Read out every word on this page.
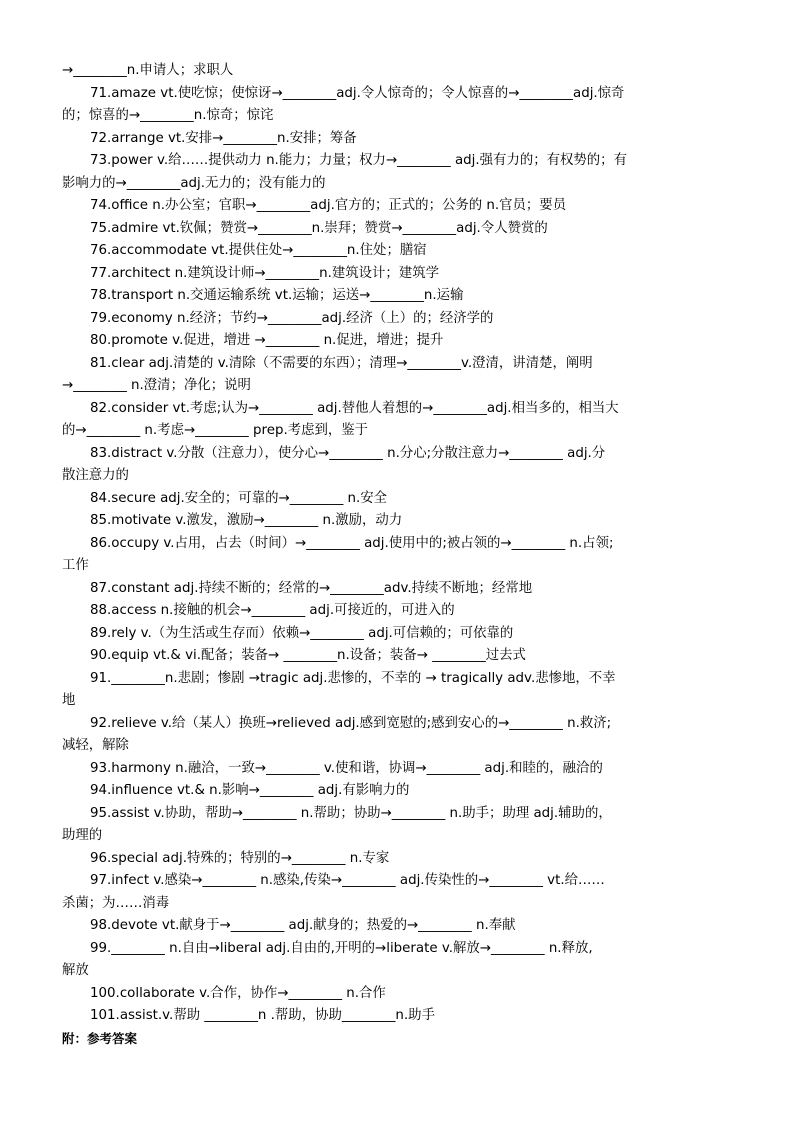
→________n.申请人；求职人
71.amaze vt.使吃惊；使惊讶→________adj.令人惊奇的；令人惊喜的→________adj.惊奇
的；惊喜的→________n.惊奇；惊诧
72.arrange vt.安排→________n.安排；筹备
73.power v.给……提供动力 n.能力；力量；权力→________ adj.强有力的；有权势的；有
影响力的→________adj.无力的；没有能力的
74.office n.办公室；官职→________adj.官方的；正式的；公务的 n.官员；要员
75.admire vt.钦佩；赞赏→________n.崇拜；赞赏→________adj.令人赞赏的
76.accommodate vt.提供住处→________n.住处；膳宿
77.architect n.建筑设计师→________n.建筑设计；建筑学
78.transport n.交通运输系统 vt.运输；运送→________n.运输
79.economy n.经济；节约→________adj.经济（上）的；经济学的
80.promote v.促进，增进 →________ n.促进，增进；提升
81.clear adj.清楚的 v.清除（不需要的东西）；清理→________v.澄清，讲清楚，阐明
→________ n.澄清；净化；说明
82.consider vt.考虑;认为→________ adj.替他人着想的→________adj.相当多的，相当大
的→________ n.考虑→________ prep.考虑到，鉴于
83.distract v.分散（注意力），使分心→________ n.分心;分散注意力→________ adj.分
散注意力的
84.secure adj.安全的；可靠的→________ n.安全
85.motivate v.激发，激励→________ n.激励，动力
86.occupy v.占用，占去（时间）→________ adj.使用中的;被占领的→________ n.占领;
工作
87.constant adj.持续不断的；经常的→________adv.持续不断地；经常地
88.access n.接触的机会→________ adj.可接近的，可进入的
89.rely v.（为生活或生存而）依赖→________ adj.可信赖的；可依靠的
90.equip vt.& vi.配备；装备→ ________n.设备；装备→ ________过去式
91.________n.悲剧；惨剧 →tragic adj.悲惨的，不幸的 → tragically adv.悲惨地，不幸
地
92.relieve v.给（某人）换班→relieved adj.感到宽慰的;感到安心的→________ n.救济;
减轻，解除
93.harmony n.融洽，一致→________ v.使和谐，协调→________ adj.和睦的，融洽的
94.influence vt.& n.影响→________ adj.有影响力的
95.assist v.协助，帮助→________ n.帮助；协助→________ n.助手；助理 adj.辅助的，
助理的
96.special adj.特殊的；特别的→________ n.专家
97.infect v.感染→________ n.感染,传染→________ adj.传染性的→________ vt.给……
杀菌；为……消毒
98.devote vt.献身于→________ adj.献身的；热爱的→________ n.奉献
99.________ n.自由→liberal adj.自由的,开明的→liberate v.解放→________ n.释放,
解放
100.collaborate v.合作，协作→________ n.合作
101.assist.v.帮助 ________n .帮助，协助________n.助手
附：参考答案
